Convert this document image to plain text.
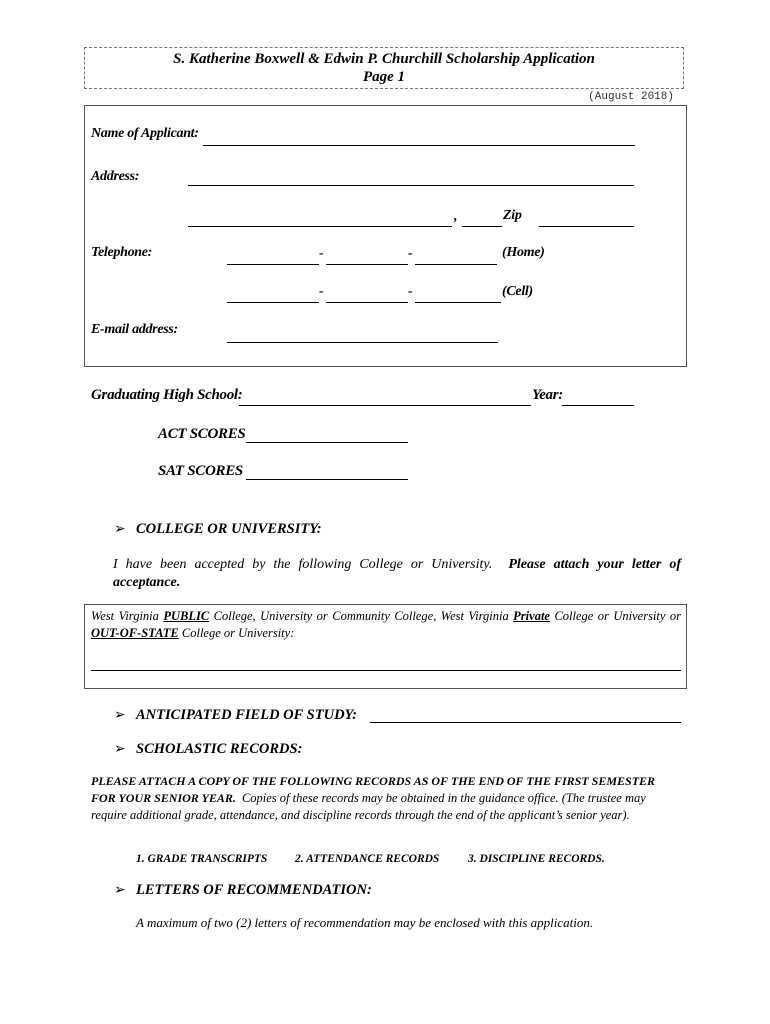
S. Katherine Boxwell & Edwin P. Churchill Scholarship Application
Page 1
(August 2018)
Name of Applicant:
Address:
,	Zip
Telephone:	-	-	(Home)
-	-	(Cell)
E-mail address:
Graduating High School:	Year:
ACT SCORES
SAT SCORES
➢ COLLEGE OR UNIVERSITY:
I have been accepted by the following College or University. Please attach your letter of acceptance.
West Virginia PUBLIC College, University or Community College, West Virginia Private College or University or OUT-OF-STATE College or University:
➢ ANTICIPATED FIELD OF STUDY:
➢ SCHOLASTIC RECORDS:
PLEASE ATTACH A COPY OF THE FOLLOWING RECORDS AS OF THE END OF THE FIRST SEMESTER FOR YOUR SENIOR YEAR. Copies of these records may be obtained in the guidance office. (The trustee may require additional grade, attendance, and discipline records through the end of the applicant’s senior year).
1. GRADE TRANSCRIPTS 2. ATTENDANCE RECORDS 3. DISCIPLINE RECORDS.
➢ LETTERS OF RECOMMENDATION:
A maximum of two (2) letters of recommendation may be enclosed with this application.
